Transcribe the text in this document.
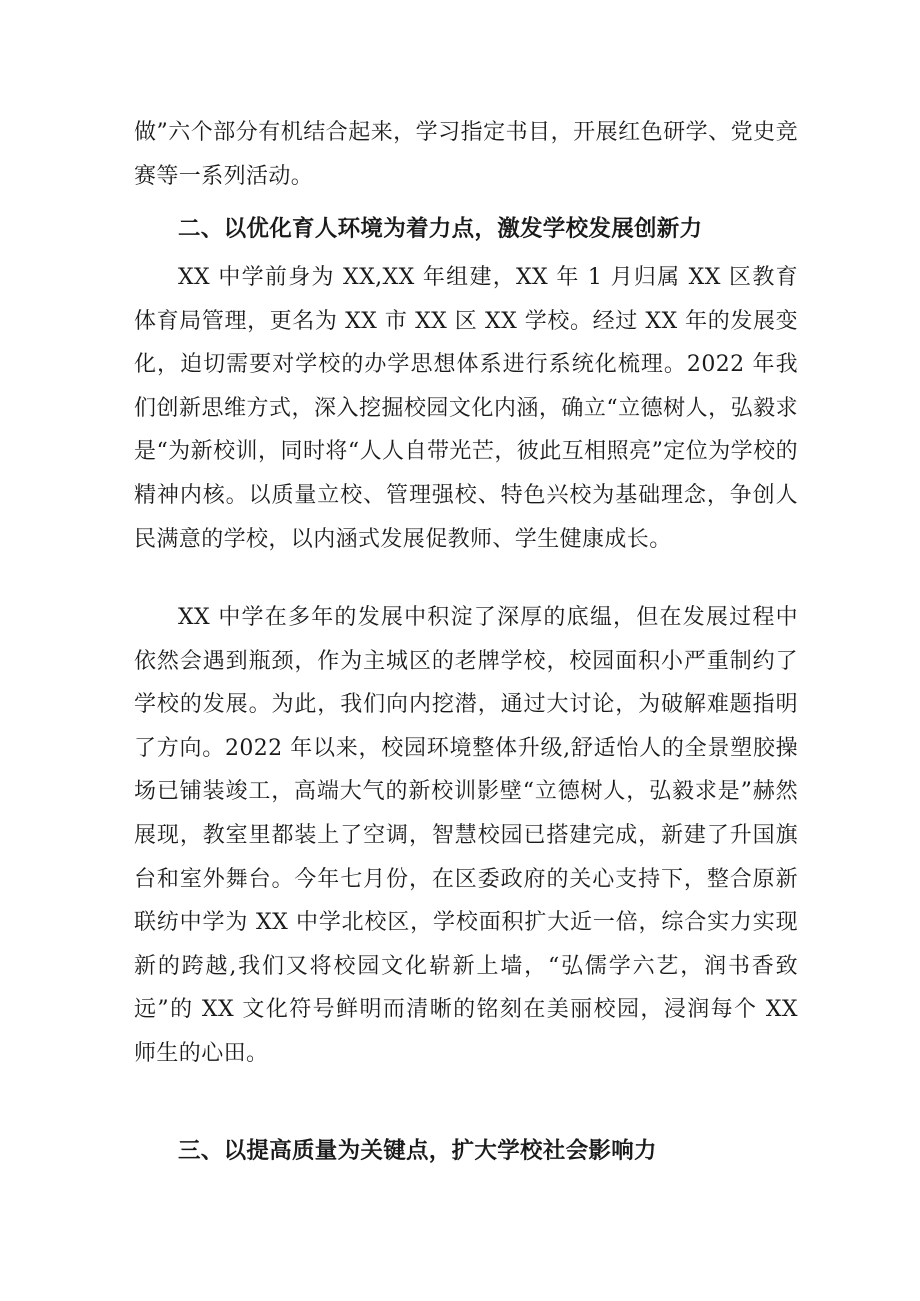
做”六个部分有机结合起来，学习指定书目，开展红色研学、党史竞赛等一系列活动。

二、以优化育人环境为着力点，激发学校发展创新力

XX 中学前身为 XX,XX 年组建，XX 年 1 月归属 XX 区教育体育局管理，更名为 XX 市 XX 区 XX 学校。经过 XX 年的发展变化，迫切需要对学校的办学思想体系进行系统化梳理。2022 年我们创新思维方式，深入挖掘校园文化内涵，确立“立德树人，弘毅求是“为新校训，同时将“人人自带光芒，彼此互相照亮”定位为学校的精神内核。以质量立校、管理强校、特色兴校为基础理念，争创人民满意的学校，以内涵式发展促教师、学生健康成长。

XX 中学在多年的发展中积淀了深厚的底缊，但在发展过程中依然会遇到瓶颈，作为主城区的老牌学校，校园面积小严重制约了学校的发展。为此，我们向内挖潜，通过大讨论，为破解难题指明了方向。2022 年以来，校园环境整体升级,舒适怡人的全景塑胶操场已铺装竣工，高端大气的新校训影壁“立德树人，弘毅求是”赫然展现，教室里都装上了空调，智慧校园已搭建完成，新建了升国旗台和室外舞台。今年七月份，在区委政府的关心支持下，整合原新联纺中学为 XX 中学北校区，学校面积扩大近一倍，综合实力实现新的跨越,我们又将校园文化崭新上墙，“弘儒学六艺，润书香致远”的 XX 文化符号鲜明而清晰的铭刻在美丽校园，浸润每个 XX 师生的心田。

三、以提高质量为关键点，扩大学校社会影响力
